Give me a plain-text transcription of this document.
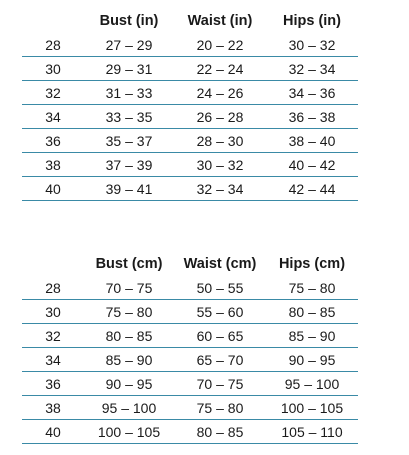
	Bust (in)	Waist (in)	Hips (in)
28	27 – 29	20 – 22	30 – 32
30	29 – 31	22 – 24	32 – 34
32	31 – 33	24 – 26	34 – 36
34	33 – 35	26 – 28	36 – 38
36	35 – 37	28 – 30	38 – 40
38	37 – 39	30 – 32	40 – 42
40	39 – 41	32 – 34	42 – 44
	Bust (cm)	Waist (cm)	Hips (cm)
28	70 – 75	50 – 55	75 – 80
30	75 – 80	55 – 60	80 – 85
32	80 – 85	60 – 65	85 – 90
34	85 – 90	65 – 70	90 – 95
36	90 – 95	70 – 75	95 – 100
38	95 – 100	75 – 80	100 – 105
40	100 – 105	80 – 85	105 – 110
